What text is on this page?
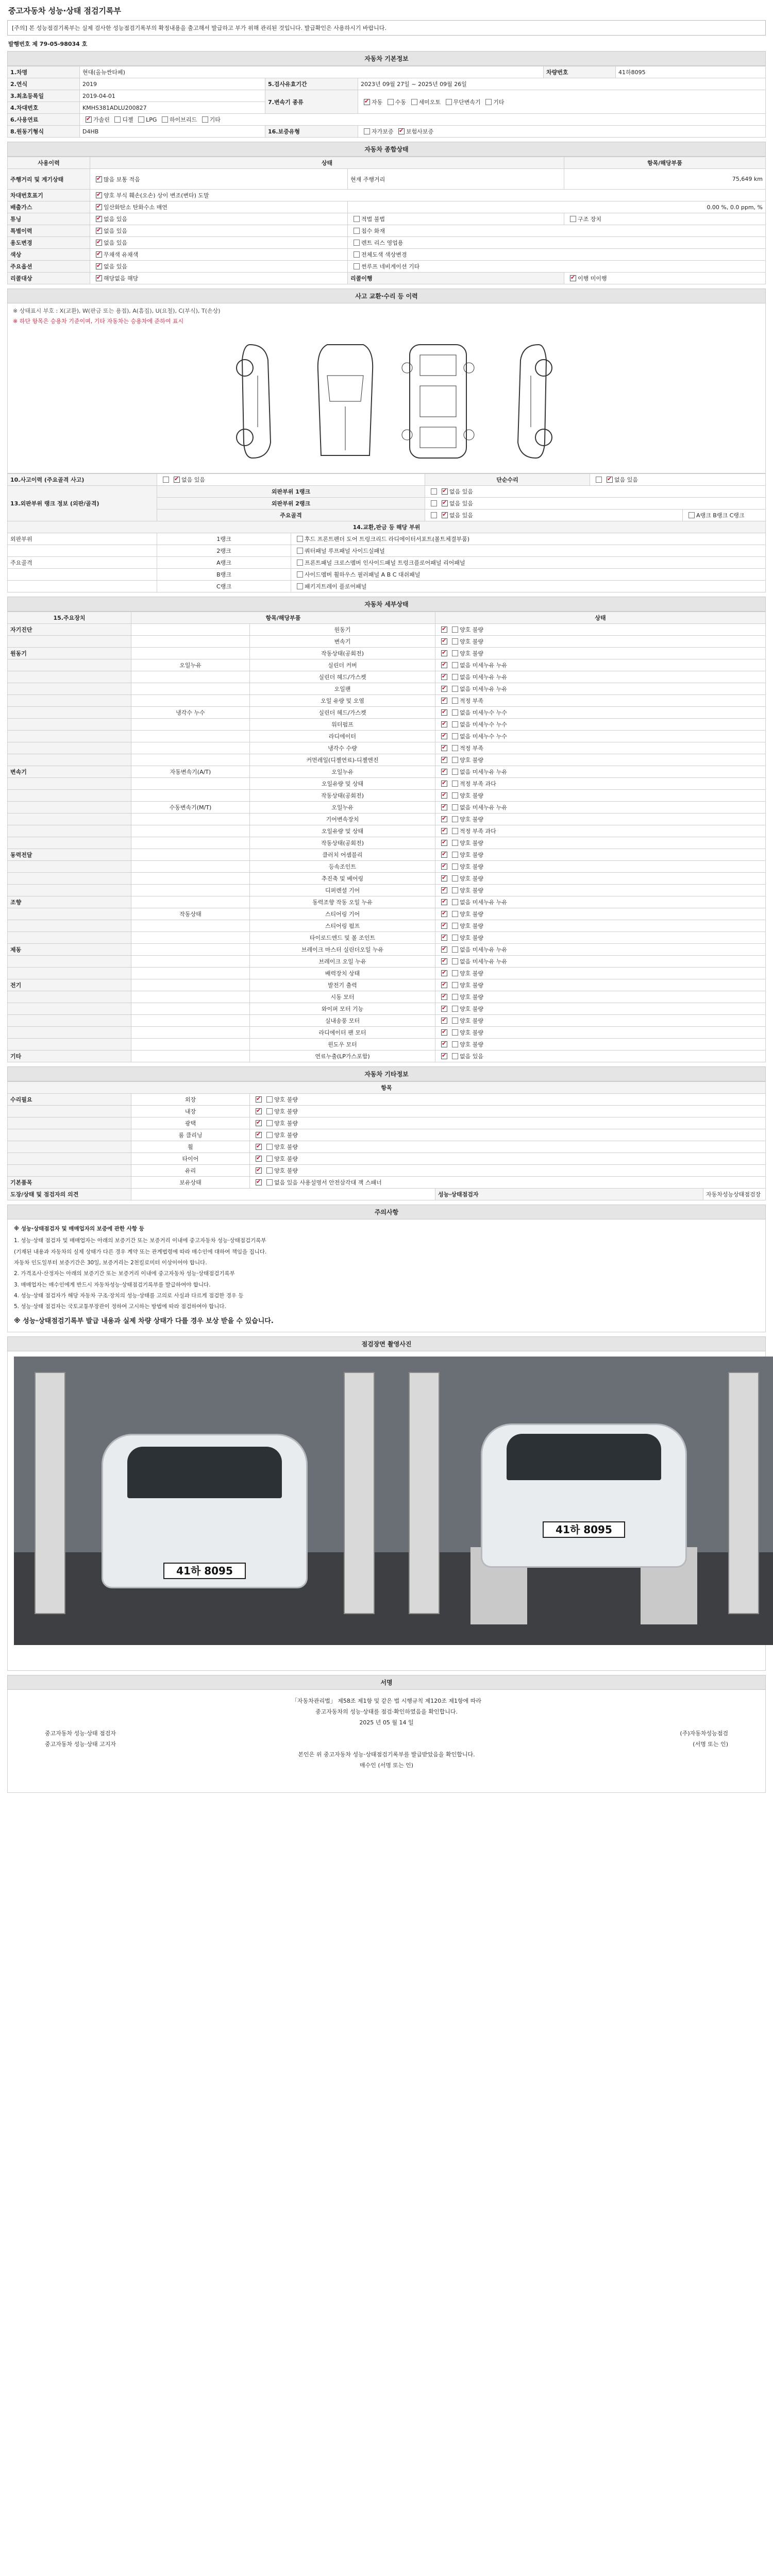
중고자동차 성능·상태 점검기록부
[주의] 본 성능점검기록부는 실제 검사한 성능점검기록부의 확정내용을 출고해서 발급하고 부가 위해 관리된 것입니다. 발급확인은 사용하시기 바랍니다.
발행번호 제 79-05-98034 호
자동차 기본정보
1.차명	현대(올뉴싼타페)			차량번호	41하8095
2.연식	2019	5.검사유효기간	2023년 09월 27일 ~ 2025년 09월 26일		
3.최초등록일	2019-04-01	7.변속기 종류	✔자동 수동 세미오토 무단변속기 기타
4.차대번호	KMHS381ADLU200827				
6.사용연료	✔가솔린 디젤 LPG 하이브리드 기타
8.원동기형식	D4HB	16.보증유형	자가보증 ✔ 보험사보증
자동차 종합상태
사용이력	상태		항목/해당부품
주행거리 및 계기상태	✔많음 보통 적음	현재 주행거리	75,649 km
차대번호표기	✔양호 부식 훼손(오손) 상이 변조(변타) 도말
배출가스	✔일산화탄소 탄화수소 매연	0.00 %, 0.0 ppm, %	
튜닝	✔없음 있음	적법 불법	구조 장치
특별이력	✔없음 있음	침수 화재	
용도변경	✔없음 있음	렌트 리스 영업용	
색상	✔무채색 유채색	전체도색 색상변경	
주요옵션	✔없음 있음	썬루프 네비게이션 기타	
리콜대상	✔해당없음 해당	리콜이행	✔이행 미이행
사고 교환·수리 등 이력
※ 상태표시 부호 : X(교환), W(판금 또는 용접), A(흠집), U(요철), C(부식), T(손상)
※ 하단 항목은 승용차 기준이며, 기타 자동차는 승용차에 준하여 표시
10.사고이력 (주요골격 사고)	✔없음 있음		단순수리	✔없음 있음
13.외판부위 랭크 정보 (외판/골격)	외판부위 1랭크	✔없음 있음
	외판부위 2랭크	✔없음 있음
	주요골격	✔없음 있음		A랭크 B랭크 C랭크
14.교환,판금 등 해당 부위					
외판부위	1랭크	후드 프론트펜더 도어 트렁크리드 라디에이터서포트(볼트체결부품)			
	2랭크	쿼터패널 루프패널 사이드실패널			
주요골격	A랭크	프론트패널 크로스멤버 인사이드패널 트렁크플로어패널 리어패널			
	B랭크	사이드멤버 휠하우스 필러패널 A B C 대쉬패널			
	C랭크	패키지트레이 플로어패널			
자동차 세부상태
15.주요장치	항목/해당부품		상태
자기진단		원동기	✔양호 불량
		변속기	✔양호 불량
원동기		작동상태(공회전)	✔양호 불량
	오일누유	실린더 커버	✔없음 미세누유 누유
		실린더 헤드/가스켓	✔없음 미세누유 누유
		오일팬	✔없음 미세누유 누유
		오일 유량 및 오염	✔적정 부족
	냉각수 누수	실린더 헤드/가스켓	✔없음 미세누수 누수
		워터펌프	✔없음 미세누수 누수
		라디에이터	✔없음 미세누수 누수
		냉각수 수량	✔적정 부족
		커먼레일(디젤연료)-디젤엔진	✔양호 불량
변속기	자동변속기(A/T)	오일누유	✔없음 미세누유 누유
		오일유량 및 상태	✔적정 부족 과다
		작동상태(공회전)	✔양호 불량
	수동변속기(M/T)	오일누유	✔없음 미세누유 누유
		기어변속장치	✔양호 불량
		오일유량 및 상태	✔적정 부족 과다
		작동상태(공회전)	✔양호 불량
동력전달		클러치 어셈블리	✔양호 불량
		등속조인트	✔양호 불량
		추진축 및 베어링	✔양호 불량
		디퍼렌셜 기어	✔양호 불량
조향		동력조향 작동 오일 누유	✔없음 미세누유 누유
	작동상태	스티어링 기어	✔양호 불량
		스티어링 펌프	✔양호 불량
		타이로드엔드 및 볼 조인트	✔양호 불량
제동		브레이크 마스터 실린더오일 누유	✔없음 미세누유 누유
		브레이크 오일 누유	✔없음 미세누유 누유
		배력장치 상태	✔양호 불량
전기		발전기 출력	✔양호 불량
		시동 모터	✔양호 불량
		와이퍼 모터 기능	✔양호 불량
		실내송풍 모터	✔양호 불량
		라디에이터 팬 모터	✔양호 불량
		윈도우 모터	✔양호 불량
기타		연료누출(LP가스포함)	✔없음 있음
자동차 기타정보
항목				
수리필요	외장	✔양호 불량
	내장	✔양호 불량
	광택	✔양호 불량
	룸 클리닝	✔양호 불량
	휠	✔양호 불량
	타이어	✔양호 불량
	유리	✔양호 불량
기본품목	보유상태	✔없음 있음 사용설명서 안전삼각대 잭 스패너
도장/상태 및 점검자의 의견			성능·상태점검자	자동차성능상태점검장
주의사항
※ 성능·상태점검자 및 매매업자의 보증에 관한 사항 등

1. 성능·상태 점검자 및 매매업자는 아래의 보증기간 또는 보증거리 이내에 중고자동차 성능·상태점검기록부

(기재된 내용과 자동차의 실제 상태가 다른 경우 계약 또는 관계법령에 따라 매수인에 대하여 책임을 집니다.

자동차 인도일부터 보증기간은 30일, 보증거리는 2천킬로미터 이상이어야 합니다.

2. 가격조사·산정자는 아래의 보증기간 또는 보증거리 이내에 중고자동차 성능·상태점검기록부

3. 매매업자는 매수인에게 반드시 자동차성능·상태점검기록부를 발급하여야 합니다.

4. 성능·상태 점검자가 해당 자동차 구조·장치의 성능·상태를 고의로 사실과 다르게 점검한 경우 등

5. 성능·상태 점검자는 국토교통부장관이 정하여 고시하는 방법에 따라 점검하여야 합니다.

※ 성능·상태점검기록부 발급 내용과 실제 차량 상태가 다를 경우 보상 받을 수 있습니다.
점검장면 촬영사진
41하 8095
41하 8095
서명
「자동차관리법」 제58조 제1항 및 같은 법 시행규칙 제120조 제1항에 따라
중고자동차의 성능·상태를 점검·확인하였음을 확인합니다.
2025 년 05 월 14 일
중고자동차 성능·상태 점검자	(주)자동차성능점검
중고자동차 성능·상태 고지자	(서명 또는 인)
본인은 위 중고자동차 성능·상태점검기록부를 발급받았음을 확인합니다.
매수인 (서명 또는 인)
